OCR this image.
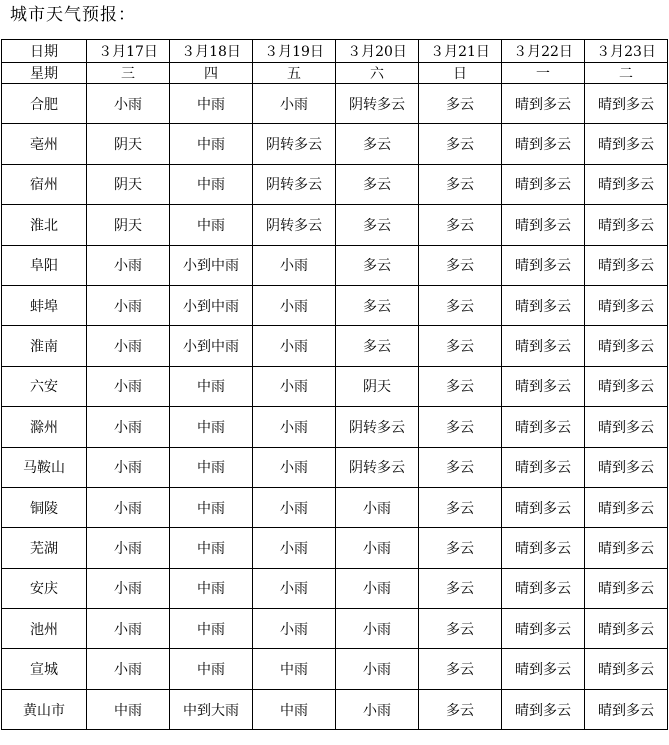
城市天气预报：
日期	３月17日	３月18日	３月19日	３月20日	３月21日	３月22日	３月23日
星期	三	四	五	六	日	一	二
合肥	小雨	中雨	小雨	阴转多云	多云	晴到多云	晴到多云
亳州	阴天	中雨	阴转多云	多云	多云	晴到多云	晴到多云
宿州	阴天	中雨	阴转多云	多云	多云	晴到多云	晴到多云
淮北	阴天	中雨	阴转多云	多云	多云	晴到多云	晴到多云
阜阳	小雨	小到中雨	小雨	多云	多云	晴到多云	晴到多云
蚌埠	小雨	小到中雨	小雨	多云	多云	晴到多云	晴到多云
淮南	小雨	小到中雨	小雨	多云	多云	晴到多云	晴到多云
六安	小雨	中雨	小雨	阴天	多云	晴到多云	晴到多云
滁州	小雨	中雨	小雨	阴转多云	多云	晴到多云	晴到多云
马鞍山	小雨	中雨	小雨	阴转多云	多云	晴到多云	晴到多云
铜陵	小雨	中雨	小雨	小雨	多云	晴到多云	晴到多云
芜湖	小雨	中雨	小雨	小雨	多云	晴到多云	晴到多云
安庆	小雨	中雨	小雨	小雨	多云	晴到多云	晴到多云
池州	小雨	中雨	小雨	小雨	多云	晴到多云	晴到多云
宣城	小雨	中雨	中雨	小雨	多云	晴到多云	晴到多云
黄山市	中雨	中到大雨	中雨	小雨	多云	晴到多云	晴到多云
